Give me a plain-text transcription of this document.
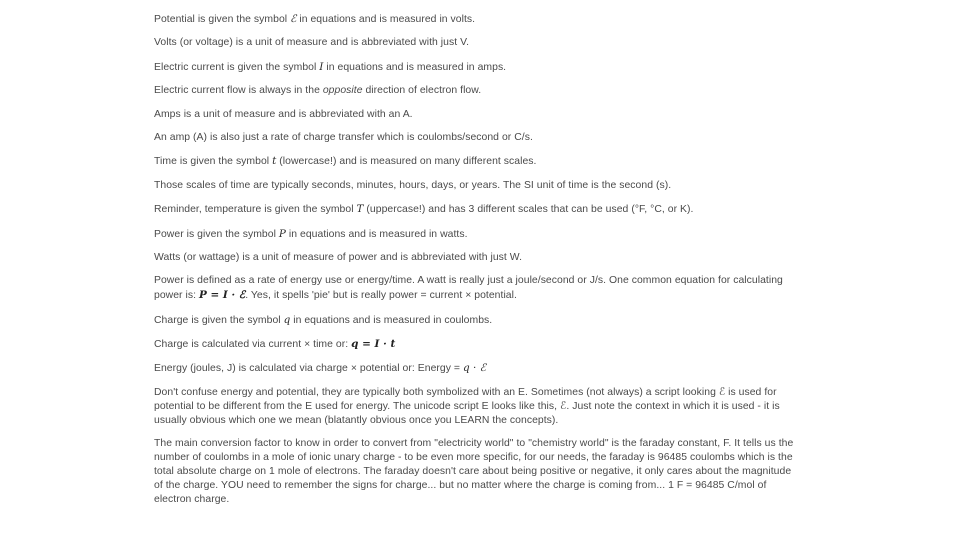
Potential is given the symbol ℰ in equations and is measured in volts.

Volts (or voltage) is a unit of measure and is abbreviated with just V.

Electric current is given the symbol I in equations and is measured in amps.

Electric current flow is always in the opposite direction of electron flow.

Amps is a unit of measure and is abbreviated with an A.

An amp (A) is also just a rate of charge transfer which is coulombs/second or C/s.

Time is given the symbol t (lowercase!) and is measured on many different scales.

Those scales of time are typically seconds, minutes, hours, days, or years. The SI unit of time is the second (s).

Reminder, temperature is given the symbol T (uppercase!) and has 3 different scales that can be used (°F, °C, or K).

Power is given the symbol P in equations and is measured in watts.

Watts (or wattage) is a unit of measure of power and is abbreviated with just W.

Power is defined as a rate of energy use or energy/time. A watt is really just a joule/second or J/s. One common equation for calculating power is: P = I · ℰ. Yes, it spells 'pie' but is really power = current × potential.

Charge is given the symbol q in equations and is measured in coulombs.

Charge is calculated via current × time or: q = I · t

Energy (joules, J) is calculated via charge × potential or: Energy = q · ℰ

Don't confuse energy and potential, they are typically both symbolized with an E. Sometimes (not always) a script looking ℰ is used for potential to be different from the E used for energy. The unicode script E looks like this, ℰ. Just note the context in which it is used - it is usually obvious which one we mean (blatantly obvious once you LEARN the concepts).

The main conversion factor to know in order to convert from "electricity world" to "chemistry world" is the faraday constant, F. It tells us the number of coulombs in a mole of ionic unary charge - to be even more specific, for our needs, the faraday is 96485 coulombs which is the total absolute charge on 1 mole of electrons. The faraday doesn't care about being positive or negative, it only cares about the magnitude of the charge. YOU need to remember the signs for charge... but no matter where the charge is coming from... 1 F = 96485 C/mol of electron charge.
